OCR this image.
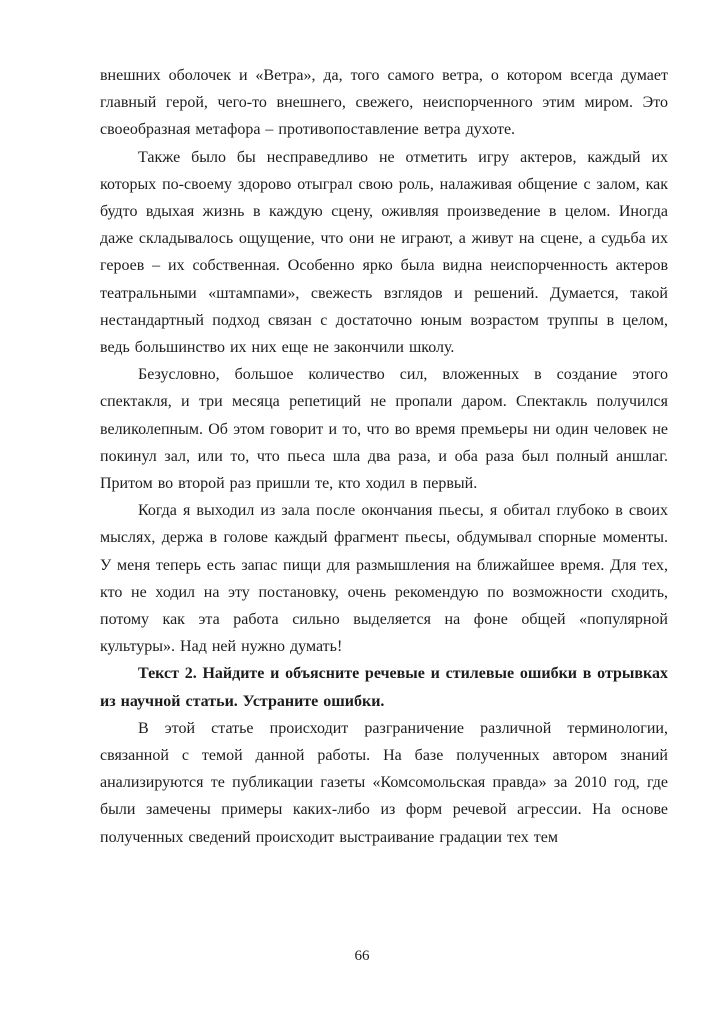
внешних оболочек и «Ветра», да, того самого ветра, о котором всегда думает главный герой, чего-то внешнего, свежего, неиспорченного этим миром. Это своеобразная метафора – противопоставление ветра духоте.

Также было бы несправедливо не отметить игру актеров, каждый их которых по-своему здорово отыграл свою роль, налаживая общение с залом, как будто вдыхая жизнь в каждую сцену, оживляя произведение в целом. Иногда даже складывалось ощущение, что они не играют, а живут на сцене, а судьба их героев – их собственная. Особенно ярко была видна неиспорченность актеров театральными «штампами», свежесть взглядов и решений. Думается, такой нестандартный подход связан с достаточно юным возрастом труппы в целом, ведь большинство их них еще не закончили школу.

Безусловно, большое количество сил, вложенных в создание этого спектакля, и три месяца репетиций не пропали даром. Спектакль получился великолепным. Об этом говорит и то, что во время премьеры ни один человек не покинул зал, или то, что пьеса шла два раза, и оба раза был полный аншлаг. Притом во второй раз пришли те, кто ходил в первый.

Когда я выходил из зала после окончания пьесы, я обитал глубоко в своих мыслях, держа в голове каждый фрагмент пьесы, обдумывал спорные моменты. У меня теперь есть запас пищи для размышления на ближайшее время. Для тех, кто не ходил на эту постановку, очень рекомендую по возможности сходить, потому как эта работа сильно выделяется на фоне общей «популярной культуры». Над ней нужно думать!

Текст 2. Найдите и объясните речевые и стилевые ошибки в отрывках из научной статьи. Устраните ошибки.

В этой статье происходит разграничение различной терминологии, связанной с темой данной работы. На базе полученных автором знаний анализируются те публикации газеты «Комсомольская правда» за 2010 год, где были замечены примеры каких-либо из форм речевой агрессии. На основе полученных сведений происходит выстраивание градации тех тем

66
